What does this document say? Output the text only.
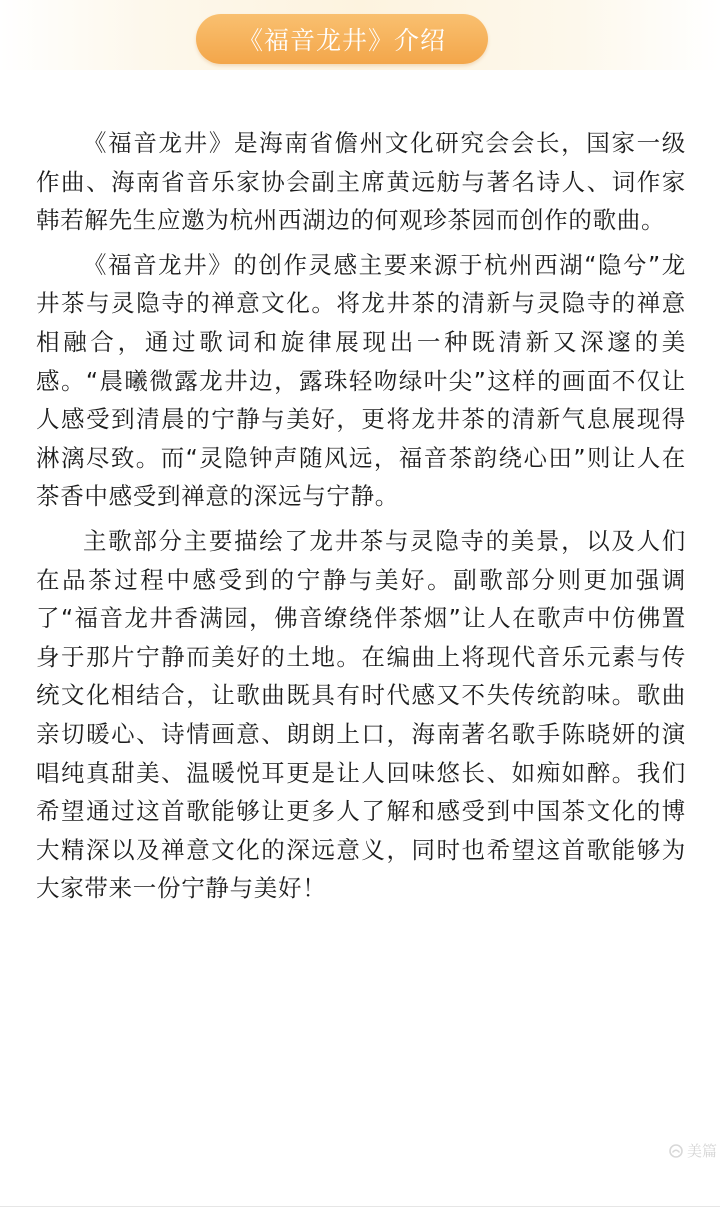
《福音龙井》介绍

《福音龙井》是海南省儋州文化研究会会长，国家一级作曲、海南省音乐家协会副主席黄远舫与著名诗人、词作家韩若解先生应邀为杭州西湖边的何观珍茶园而创作的歌曲。

《福音龙井》的创作灵感主要来源于杭州西湖“隐兮”龙井茶与灵隐寺的禅意文化。将龙井茶的清新与灵隐寺的禅意相融合，通过歌词和旋律展现出一种既清新又深邃的美感。“晨曦微露龙井边，露珠轻吻绿叶尖”这样的画面不仅让人感受到清晨的宁静与美好，更将龙井茶的清新气息展现得淋漓尽致。而“灵隐钟声随风远，福音茶韵绕心田”则让人在茶香中感受到禅意的深远与宁静。

主歌部分主要描绘了龙井茶与灵隐寺的美景，以及人们在品茶过程中感受到的宁静与美好。副歌部分则更加强调了“福音龙井香满园，佛音缭绕伴茶烟”让人在歌声中仿佛置身于那片宁静而美好的土地。在编曲上将现代音乐元素与传统文化相结合，让歌曲既具有时代感又不失传统韵味。歌曲亲切暖心、诗情画意、朗朗上口，海南著名歌手陈晓妍的演唱纯真甜美、温暖悦耳更是让人回味悠长、如痴如醉。我们希望通过这首歌能够让更多人了解和感受到中国茶文化的博大精深以及禅意文化的深远意义，同时也希望这首歌能够为大家带来一份宁静与美好！

美篇
